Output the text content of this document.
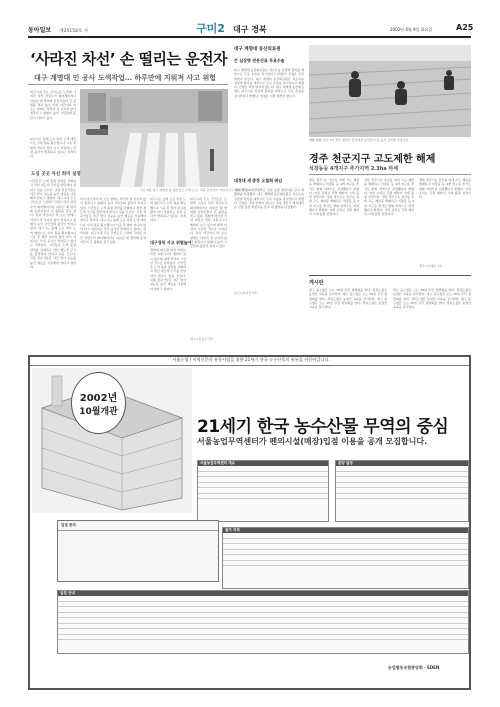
동아일보 제25158호 사	구미2 대구 경북	2002년 4월 9일 화요일	A25
‘사라진 차선’ 손 떨리는 운전자
대구 계명대 인 공사 도색작업… 하루만에 지워져 사고 위험
대구시내 주요 간선도로 노면에 그려진 차선 상당수가 희미해지거나 지워진 채 방치돼 운전자들이 큰 불편을 겪고 있다. 특히 야간이나 비 오는 날에는 차선이 잘 보이지 않아 접촉사고 위험이 높아 시민들의 불만이 커지고 있다.
지난 4일 대구 계명대 앞 횡단보도 주변 도로. 교통 표지선이 지워져 사고 위험이 높다.
대구시는 올해 도로 차선 도색 예산으로 수억 원을 확보했으나 시공 후 얼마 지나지 않아 다시 지워지는 부실 공사가 반복되고 있다는 지적이다.
도심 곳곳 차선 희미 설명
시민들은 도색 품질 관리를 강화하고 차선 재도색 주기를 앞당겨야 한다고 입을 모은다. 교통 전문가들은 야간 반사 성능을 높인 재료를 사용해야 한다고 말한다. 대구시내 주요 간선도로 노면에 그려진 차선 상당수가 희미해지거나 지워진 채 방치돼 운전자들이 큰 불편을 겪고 있다. 특히 야간이나 비 오는 날에는 차선이 잘 보이지 않아 접촉사고 위험이 높아 시민들의 불만이 커지고 있다. 대구시는 올해 도로 차선 도색 예산으로 수억 원을 확보했으나 시공 후 얼마 지나지 않아 다시 지워지는 부실 공사가 반복되고 있다는 지적이다. 시민들은 도색 품질 관리를 강화하고 차선 재도색 주기를 앞당겨야 한다고 입을 모은다. 교통 전문가들은 야간 반사 성능을 높인 재료를 사용해야 한다고 말한다.
특히 야간이나 비 오는 날에는 차선이 잘 보이지 않아 접촉사고 위험이 높아 시민들의 불만이 커지고 있다. 시민들은 도색 품질 관리를 강화하고 차선 재도색 주기를 앞당겨야 한다고 입을 모은다. 교통 전문가들은 야간 반사 성능을 높인 재료를 사용해야 한다고 말한다. 대구시는 올해 도로 차선 도색 예산으로 수억 원을 확보했으나 시공 후 얼마 지나지 않아 다시 지워지는 부실 공사가 반복되고 있다는 지적이다. 대구시내 주요 간선도로 노면에 그려진 차선 상당수가 희미해지거나 지워진 채 방치돼 운전자들이 큰 불편을 겪고 있다.
대구시는 올해 도로 차선 도색 예산으로 수억 원을 확보했으나 시공 후 얼마 지나지 않아 다시 지워지는 부실 공사가 반복되고 있다는 지적이다.
대구경북 사고 위험높아
경찰에 따르면 차선 미비로 인한 교통사고가 해마다 늘고 있으며 대책 마련이 시급한 것으로 나타났다. 시민들은 도색 품질 관리를 강화하고 차선 재도색 주기를 앞당겨야 한다고 입을 모은다. 교통 전문가들은 야간 반사 성능을 높인 재료를 사용해야 한다고 말한다.
대구시내 주요 간선도로 노면에 그려진 차선 상당수가 희미해지거나 지워진 채 방치돼 운전자들이 큰 불편을 겪고 있다. 경찰에 따르면 차선 미비로 인한 교통사고가 해마다 늘고 있으며 대책 마련이 시급한 것으로 나타났다. 특히 야간이나 비 오는 날에는 차선이 잘 보이지 않아 접촉사고 위험이 높아 시민들의 불만이 커지고 있다.
대구=정용균기자
대구 계명대 동산의료원
큰 심장병 전문진료 무료수술
대구 계명대 동산의료원은 저소득층 심장병 환자를 대상으로 무료 수술을 실시한다고 밝혔다. 신청은 이달 말까지 받는다. 대구 계명대 동산의료원은 저소득층 심장병 환자를 대상으로 무료 수술을 실시한다고 밝혔다. 신청은 이달 말까지 받는다. 대구 계명대 동산의료원은 저소득층 심장병 환자를 대상으로 무료 수술을 실시한다고 밝혔다. 신청은 이달 말까지 받는다.
대경대 새 총장 오철희 취임
경북 경산시 대경대학은 신임 총장 취임식을 갖고 새 출발을 다짐했다. 대구 계명대 동산의료원은 저소득층 심장병 환자를 대상으로 무료 수술을 실시한다고 밝혔다. 신청은 이달 말까지 받는다. 경북 경산시 대경대학은 신임 총장 취임식을 갖고 새 출발을 다짐했다.
대구=최성진기자
이른 손길 지난 7일 경북 영천시 들녘에서 농민들이 봄 농사 준비에 한창이다.
경주 천군지구 고도제한 해제
석장동등 4개지구 추가지역 2.3ha 하세
경북 경주시는 천군동 일대 고도 제한을 해제하고 석장동 등 4개 지구를 추가로 완화 지역으로 지정했다고 밝혔다. 이번 조치로 건축 제한이 크게 풀릴 전망이다. 경북 경주시는 천군동 일대 고도 제한을 해제하고 석장동 등 4개 지구를 추가로 완화 지역으로 지정했다고 밝혔다. 이번 조치로 건축 제한이 크게 풀릴 전망이다.
경북 경주시는 천군동 일대 고도 제한을 해제하고 석장동 등 4개 지구를 추가로 완화 지역으로 지정했다고 밝혔다. 이번 조치로 건축 제한이 크게 풀릴 전망이다. 경북 경주시는 천군동 일대 고도 제한을 해제하고 석장동 등 4개 지구를 추가로 완화 지역으로 지정했다고 밝혔다. 이번 조치로 건축 제한이 크게 풀릴 전망이다.
경북 경주시는 천군동 일대 고도 제한을 해제하고 석장동 등 4개 지구를 추가로 완화 지역으로 지정했다고 밝혔다. 이번 조치로 건축 제한이 크게 풀릴 전망이다.
경주=이혜운기자
게시판
대구 중구청은 오는 15일 주민 설명회를 연다. 경북도청은 농업인 교육을 실시한다. 대구 중구청은 오는 15일 주민 설명회를 연다. 경북도청은 농업인 교육을 실시한다. 대구 중구청은 오는 15일 주민 설명회를 연다. 경북도청은 농업인 교육을 실시한다.
대구 중구청은 오는 15일 주민 설명회를 연다. 경북도청은 농업인 교육을 실시한다. 대구 중구청은 오는 15일 주민 설명회를 연다. 경북도청은 농업인 교육을 실시한다. 대구 중구청은 오는 15일 주민 설명회를 연다. 경북도청은 농업인 교육을 실시한다.
서울농업 / 지역신문의 유통사업을 위한 21세기 한국 농수산물의 유통을 이끌어갑니다.
2002년
10월개관
21세기 한국 농수산물 무역의 중심
서울농업무역센터가 펜의시설(매장)입점 이용을 공개 모집합니다.
서울농업무역센터 개요	분양 일정
참가 자격
입점 안내
입점 문의
농업협동조합중앙회 · EDEN
